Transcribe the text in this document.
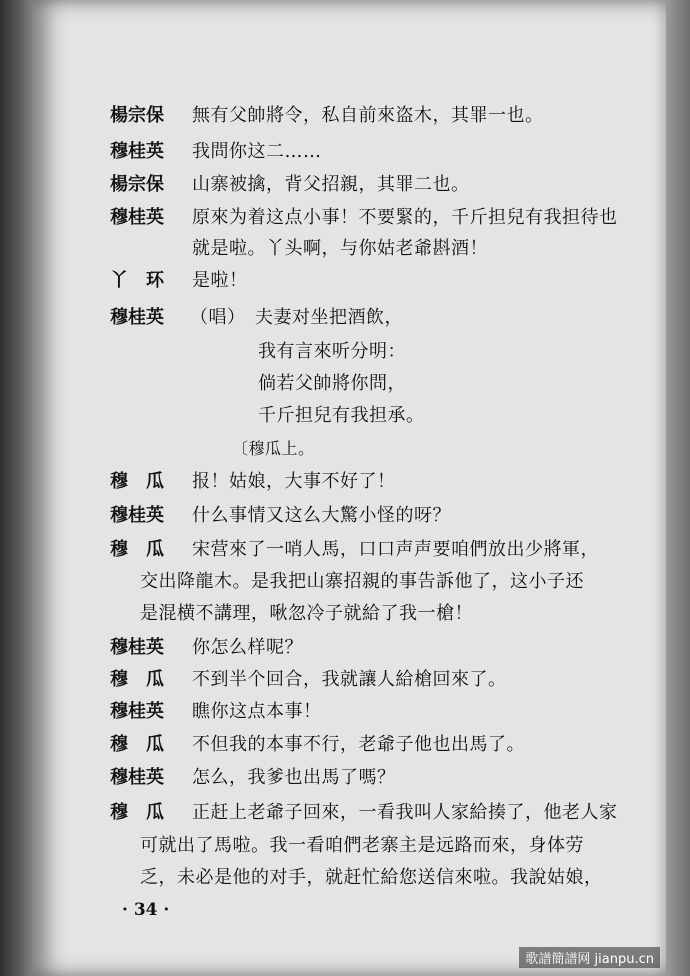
楊宗保 無有父帥將令，私自前來盗木，其罪一也。

穆桂英 我問你这二……

楊宗保 山寨被擒，背父招親，其罪二也。

穆桂英 原來为着这点小事！不要緊的，千斤担兒有我担待也

就是啦。丫头啊，与你姑老爺斟酒！

丫　环 是啦！

穆桂英 （唱）　夫妻对坐把酒飲，

我有言來听分明：

倘若父帥將你問，

千斤担兒有我担承。

〔穆瓜上。

穆　瓜 报！姑娘，大事不好了！

穆桂英 什么事情又这么大驚小怪的呀？

穆　瓜 宋营來了一哨人馬，口口声声要咱們放出少將軍，

交出降龍木。是我把山寨招親的事告訴他了，这小子还

是混横不講理，啾忽冷子就給了我一槍！

穆桂英 你怎么样呢？

穆　瓜 不到半个回合，我就讓人給槍回來了。

穆桂英 瞧你这点本事！

穆　瓜 不但我的本事不行，老爺子他也出馬了。

穆桂英 怎么，我爹也出馬了嗎？

穆　瓜 正赶上老爺子回來，一看我叫人家給揍了，他老人家

可就出了馬啦。我一看咱們老寨主是远路而來，身体劳

乏，未必是他的对手，就赶忙給您送信來啦。我說姑娘，

· 34 ·

歌譜簡譜网 jianpu.cn
